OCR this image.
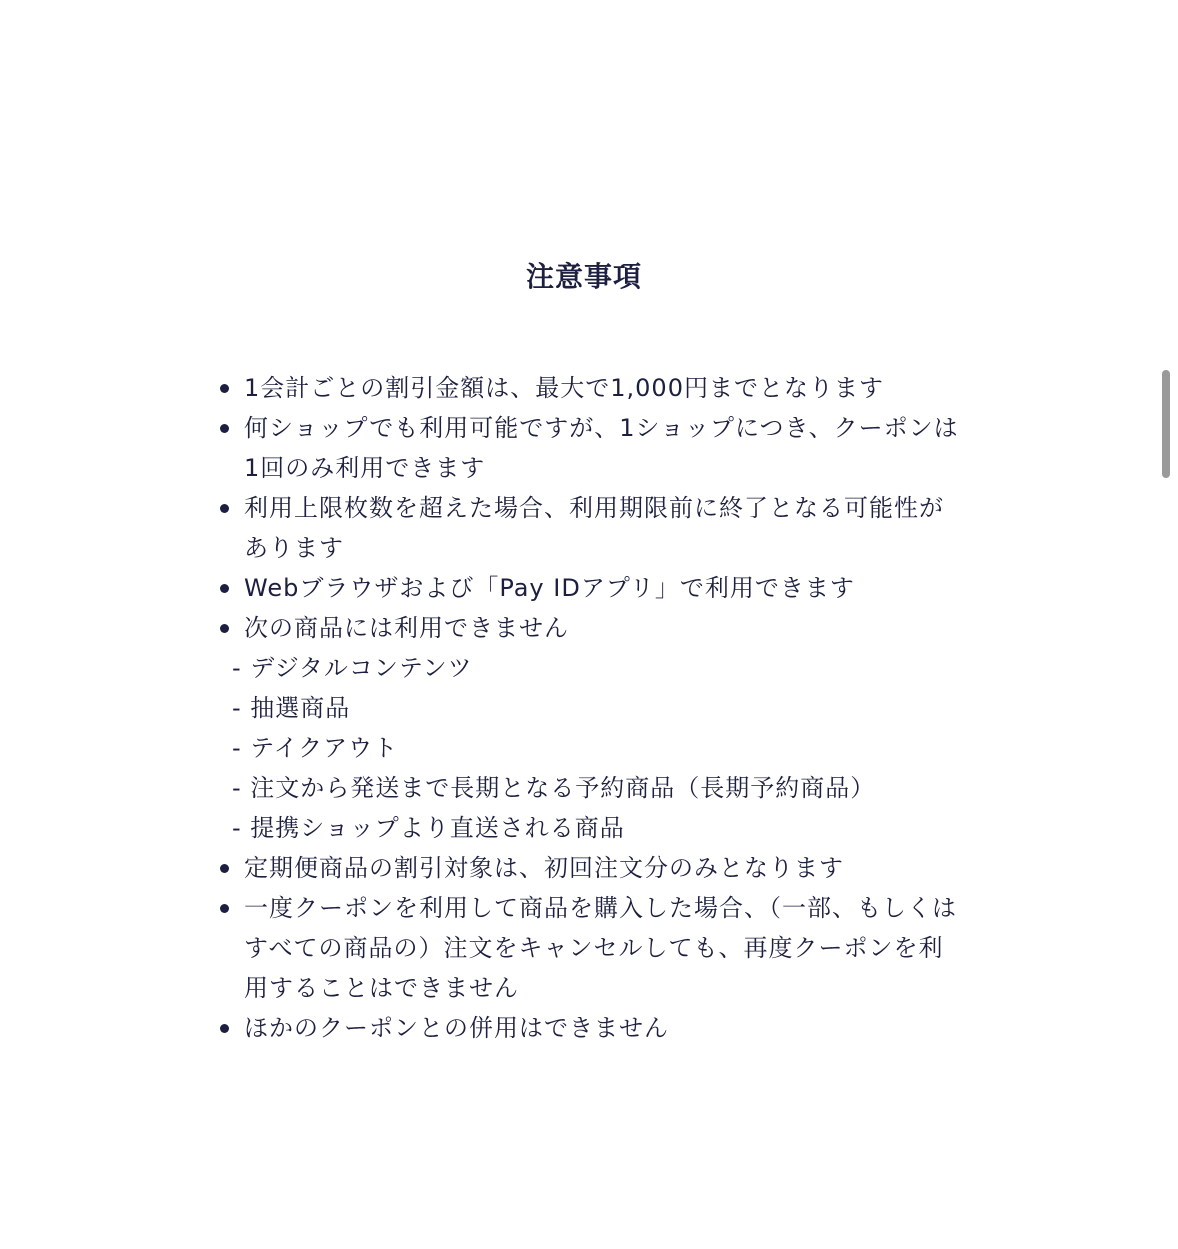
注意事項
1会計ごとの割引金額は、最大で1,000円までとなります
何ショップでも利用可能ですが、1ショップにつき、クーポンは1回のみ利用できます
利用上限枚数を超えた場合、利用期限前に終了となる可能性があります
Webブラウザおよび「Pay IDアプリ」で利用できます
次の商品には利用できません
- デジタルコンテンツ
- 抽選商品
- テイクアウト
- 注文から発送まで長期となる予約商品（長期予約商品）
- 提携ショップより直送される商品
定期便商品の割引対象は、初回注文分のみとなります
一度クーポンを利用して商品を購入した場合、（一部、もしくはすべての商品の）注文をキャンセルしても、再度クーポンを利用することはできません
ほかのクーポンとの併用はできません
